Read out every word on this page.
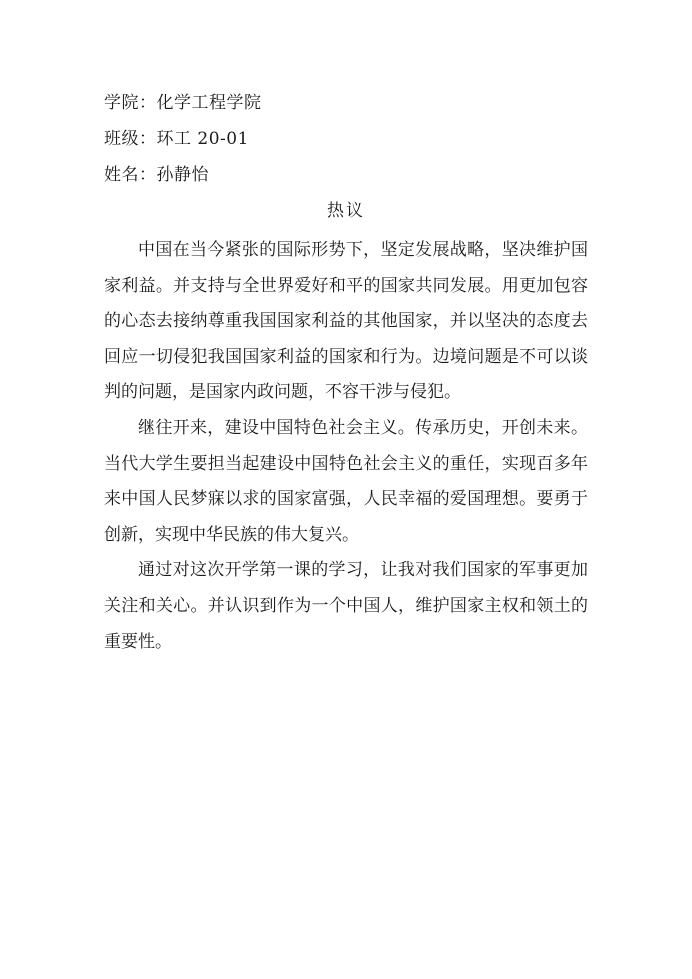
学院：化学工程学院
班级：环工 20-01
姓名：孙静怡
热议

中国在当今紧张的国际形势下，坚定发展战略，坚决维护国家利益。并支持与全世界爱好和平的国家共同发展。用更加包容的心态去接纳尊重我国国家利益的其他国家，并以坚决的态度去回应一切侵犯我国国家利益的国家和行为。边境问题是不可以谈判的问题，是国家内政问题，不容干涉与侵犯。

继往开来，建设中国特色社会主义。传承历史，开创未来。当代大学生要担当起建设中国特色社会主义的重任，实现百多年来中国人民梦寐以求的国家富强，人民幸福的爱国理想。要勇于创新，实现中华民族的伟大复兴。

通过对这次开学第一课的学习，让我对我们国家的军事更加关注和关心。并认识到作为一个中国人，维护国家主权和领土的重要性。
